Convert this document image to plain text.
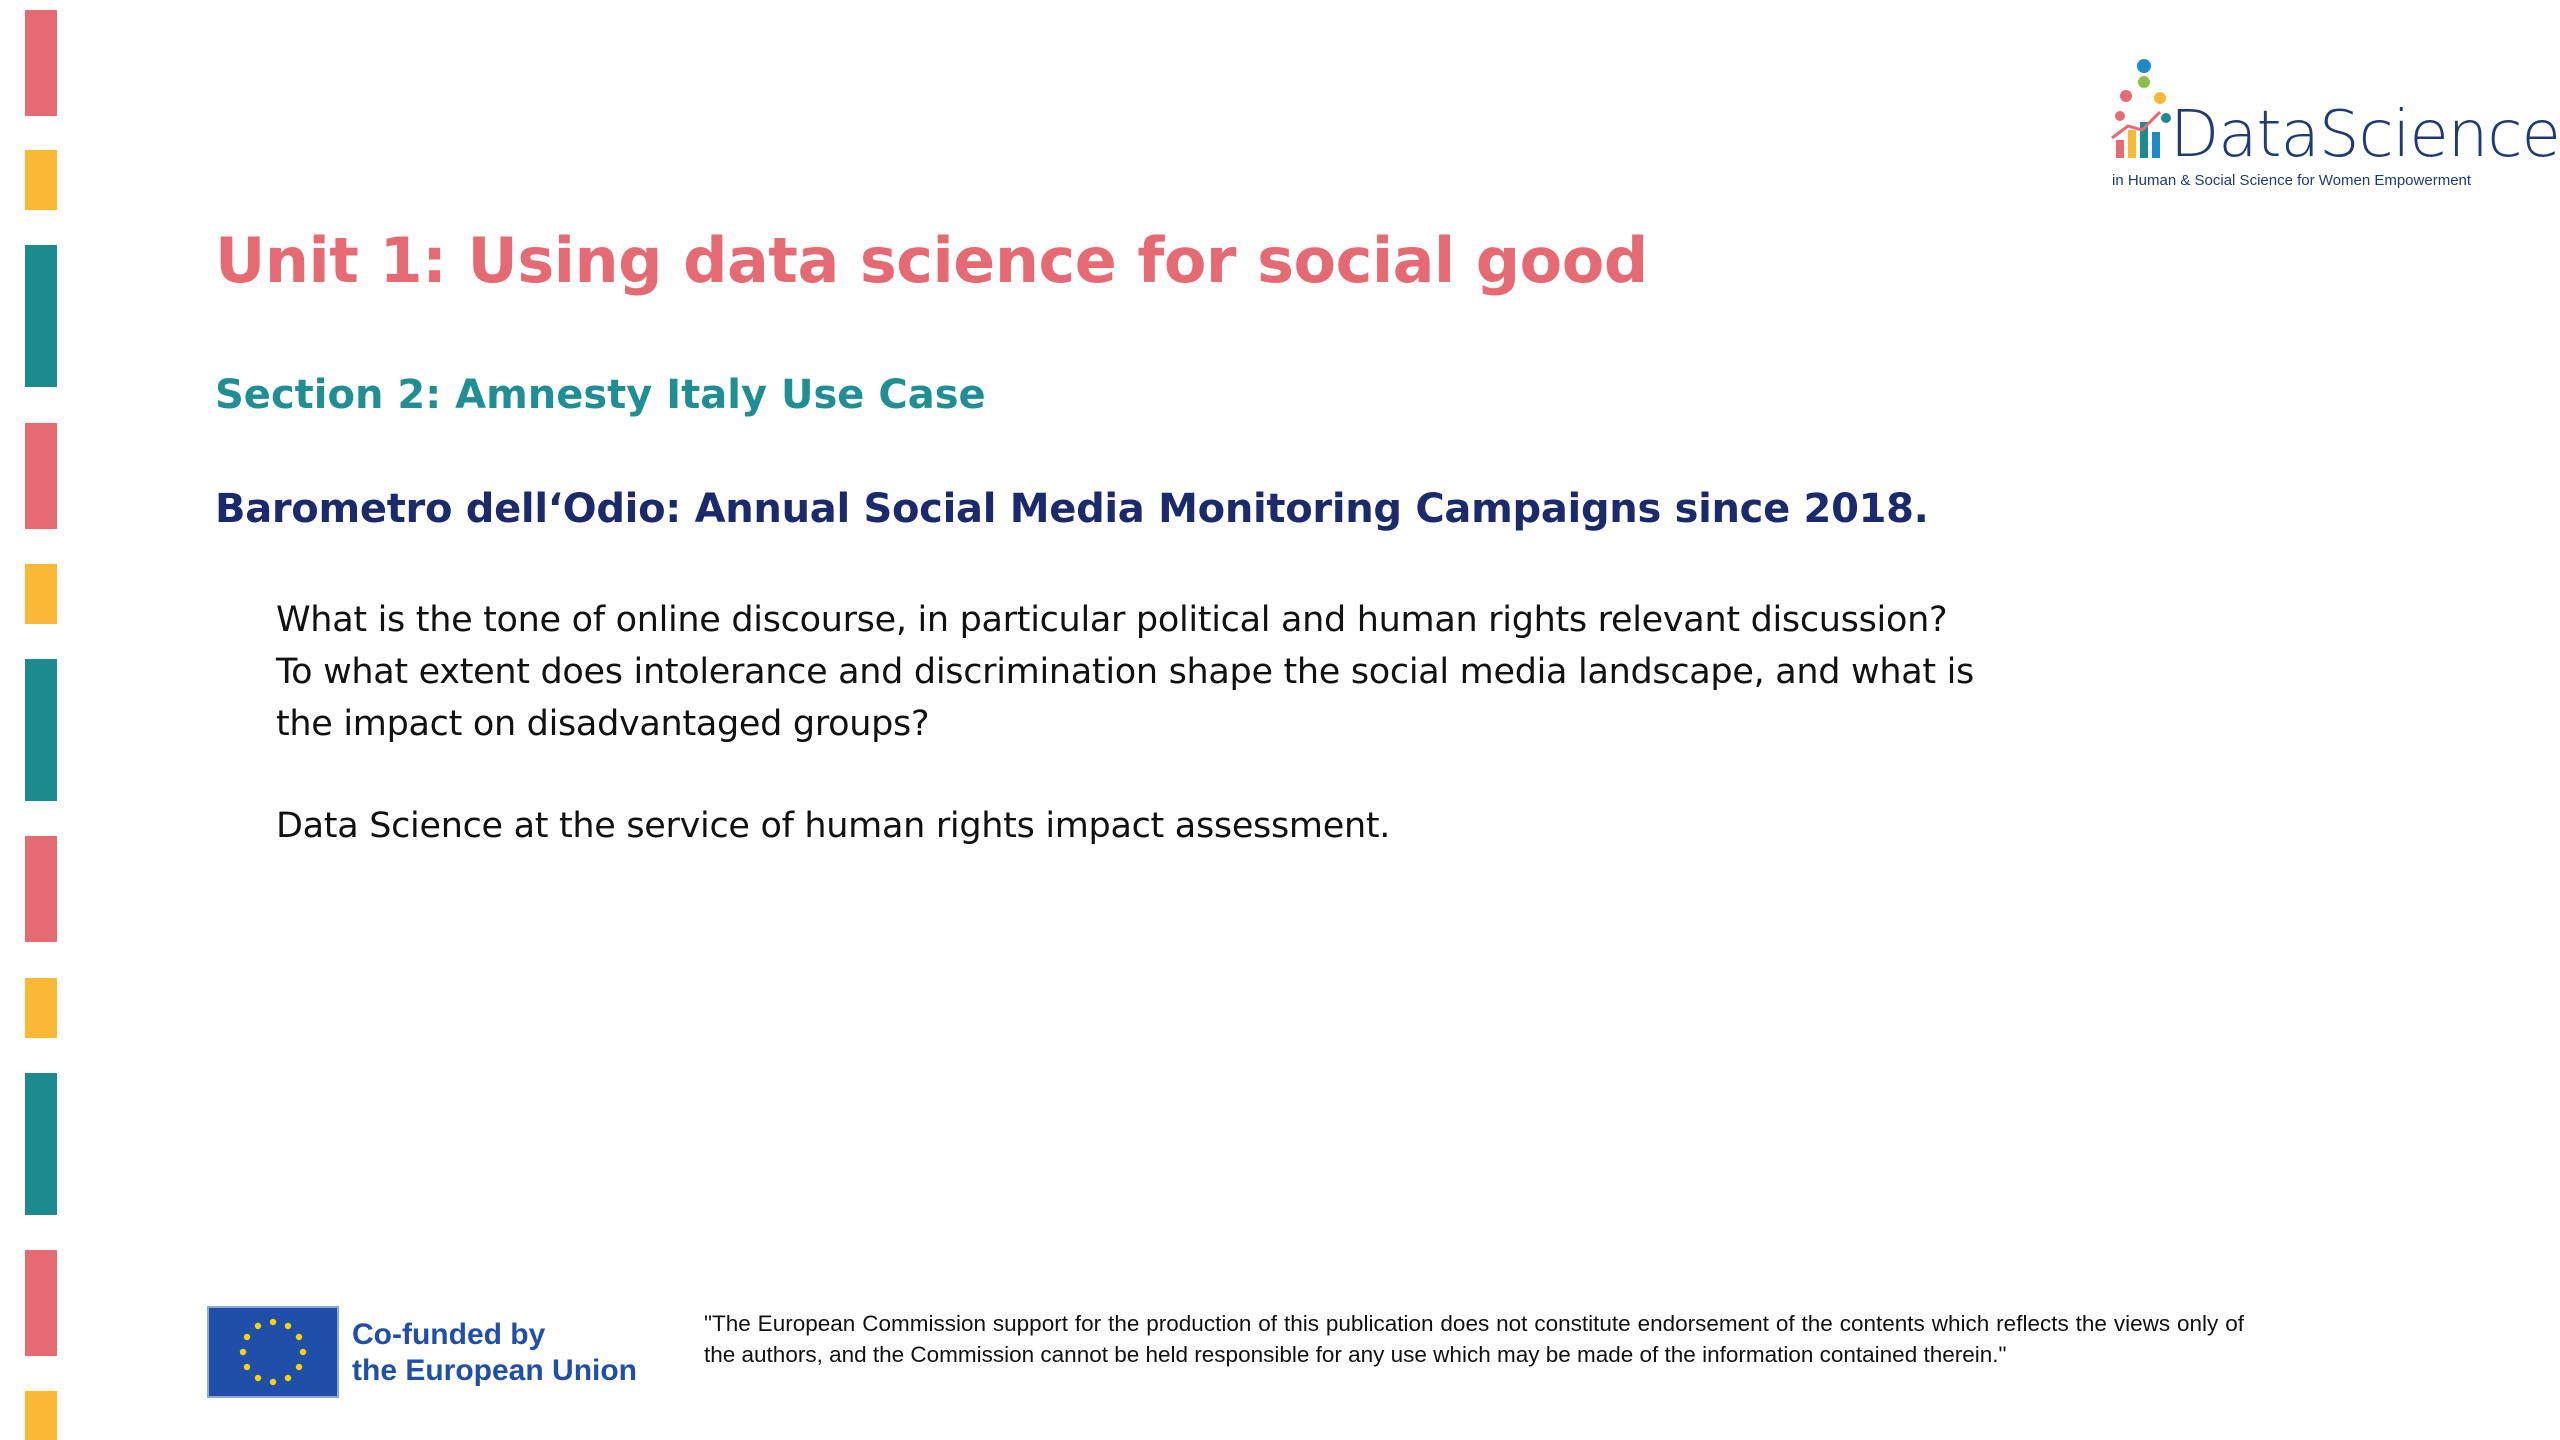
DataScience
in Human & Social Science for Women Empowerment
Unit 1: Using data science for social good
Section 2: Amnesty Italy Use Case
Barometro dell‘Odio: Annual Social Media Monitoring Campaigns since 2018.
What is the tone of online discourse, in particular political and human rights relevant discussion?
To what extent does intolerance and discrimination shape the social media landscape, and what is
the impact on disadvantaged groups?
Data Science at the service of human rights impact assessment.
Co-funded by
the European Union
"The European Commission support for the production of this publication does not constitute endorsement of the contents which reflects the views only of the authors, and the Commission cannot be held responsible for any use which may be made of the information contained therein."
